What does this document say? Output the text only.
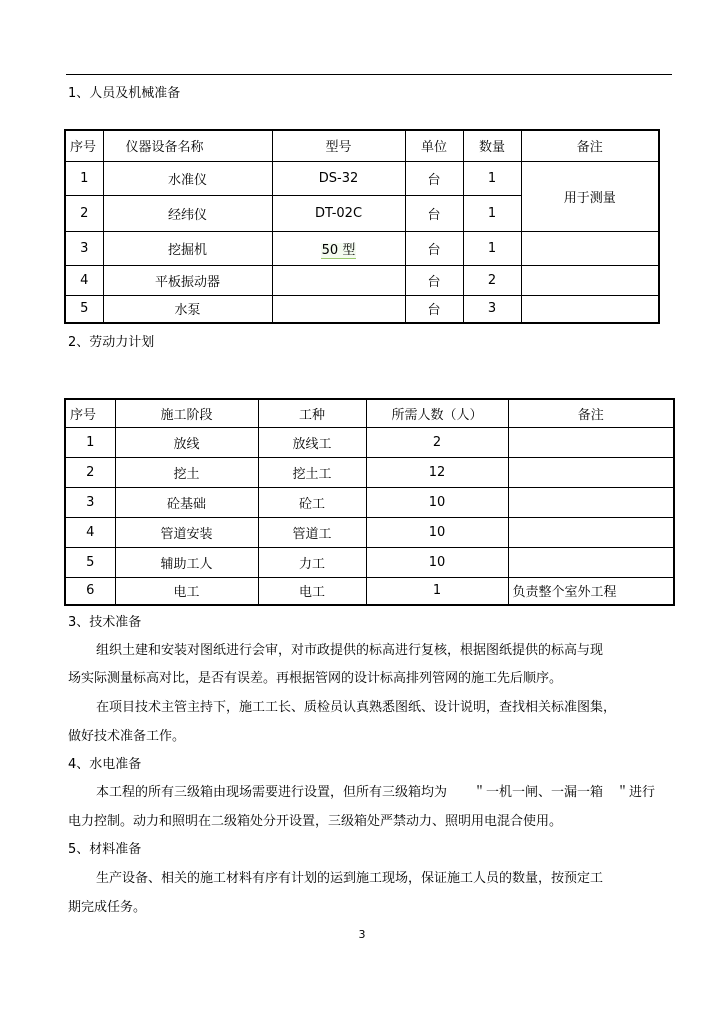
1、人员及机械准备
序号	仪器设备名称	型号	单位	数量	备注
1	水准仪	DS-32	台	1	用于测量
2	经纬仪	DT-02C	台	1	
3	挖掘机	50 型	台	1	
4	平板振动器		台	2	
5	水泵		台	3	
2、劳动力计划
序号	施工阶段	工种	所需人数（人）	备注
1	放线	放线工	2	
2	挖土	挖土工	12	
3	砼基础	砼工	10	
4	管道安装	管道工	10	
5	辅助工人	力工	10	
6	电工	电工	1	负责整个室外工程
3、技术准备
组织土建和安装对图纸进行会审，对市政提供的标高进行复核，根据图纸提供的标高与现
场实际测量标高对比，是否有误差。再根据管网的设计标高排列管网的施工先后顺序。
在项目技术主管主持下，施工工长、质检员认真熟悉图纸、设计说明，查找相关标准图集，
做好技术准备工作。
4、水电准备
本工程的所有三级箱由现场需要进行设置，但所有三级箱均为　　＂一机一闸、一漏一箱　＂进行
电力控制。动力和照明在二级箱处分开设置，三级箱处严禁动力、照明用电混合使用。
5、材料准备
生产设备、相关的施工材料有序有计划的运到施工现场，保证施工人员的数量，按预定工
期完成任务。
3
